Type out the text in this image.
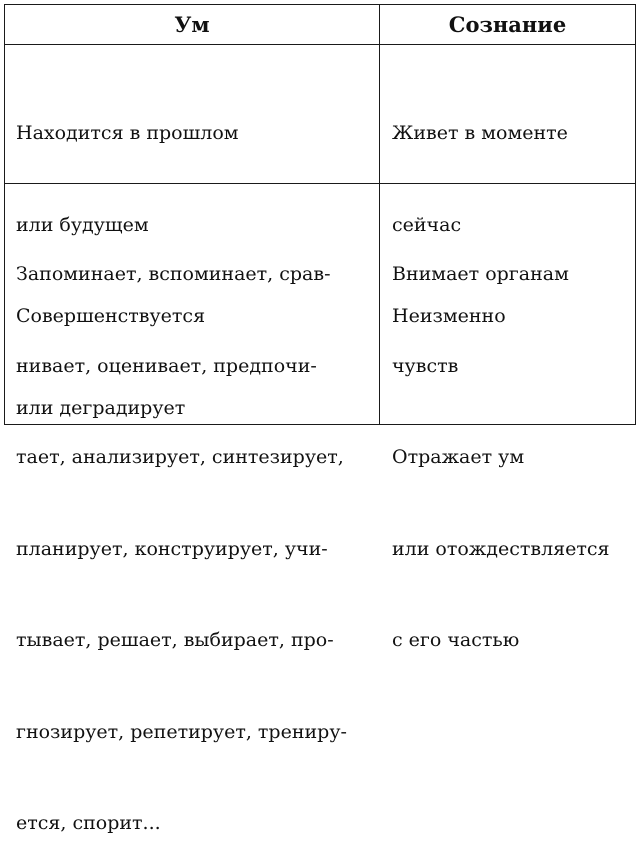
Ум	Сознание

Находится в прошлом

или будущем

Совершенствуется

или деградирует

Живет в моменте

сейчас

Неизменно

Запоминает, вспоминает, срав-

нивает, оценивает, предпочи-

тает, анализирует, синтезирует,

планирует, конструирует, учи-

тывает, решает, выбирает, про-

гнозирует, репетирует, трениру-

ется, спорит...

Внимает органам

чувств

Отражает ум

или отождествляется

с его частью
